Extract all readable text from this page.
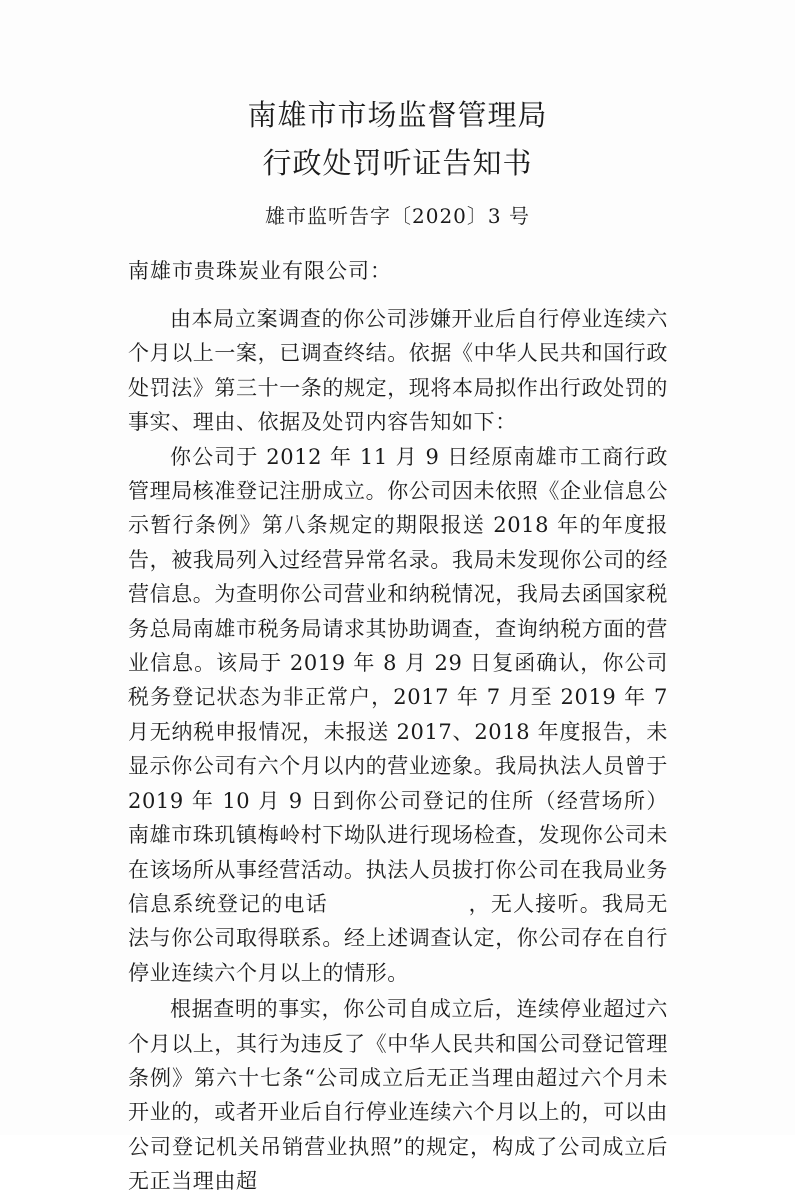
南雄市市场监督管理局
行政处罚听证告知书
雄市监听告字〔2020〕3 号
南雄市贵珠炭业有限公司：

由本局立案调查的你公司涉嫌开业后自行停业连续六个月以上一案，已调查终结。依据《中华人民共和国行政处罚法》第三十一条的规定，现将本局拟作出行政处罚的事实、理由、依据及处罚内容告知如下：

你公司于 2012 年 11 月 9 日经原南雄市工商行政管理局核准登记注册成立。你公司因未依照《企业信息公示暂行条例》第八条规定的期限报送 2018 年的年度报告，被我局列入过经营异常名录。我局未发现你公司的经营信息。为查明你公司营业和纳税情况，我局去函国家税务总局南雄市税务局请求其协助调查，查询纳税方面的营业信息。该局于 2019 年 8 月 29 日复函确认，你公司税务登记状态为非正常户，2017 年 7 月至 2019 年 7 月无纳税申报情况，未报送 2017、2018 年度报告，未显示你公司有六个月以内的营业迹象。我局执法人员曾于 2019 年 10 月 9 日到你公司登记的住所（经营场所）南雄市珠玑镇梅岭村下坳队进行现场检查，发现你公司未在该场所从事经营活动。执法人员拔打你公司在我局业务信息系统登记的电话	，无人接听。我局无法与你公司取得联系。经上述调查认定，你公司存在自行停业连续六个月以上的情形。

根据查明的事实，你公司自成立后，连续停业超过六个月以上，其行为违反了《中华人民共和国公司登记管理条例》第六十七条“公司成立后无正当理由超过六个月未开业的，或者开业后自行停业连续六个月以上的，可以由公司登记机关吊销营业执照”的规定，构成了公司成立后无正当理由超
